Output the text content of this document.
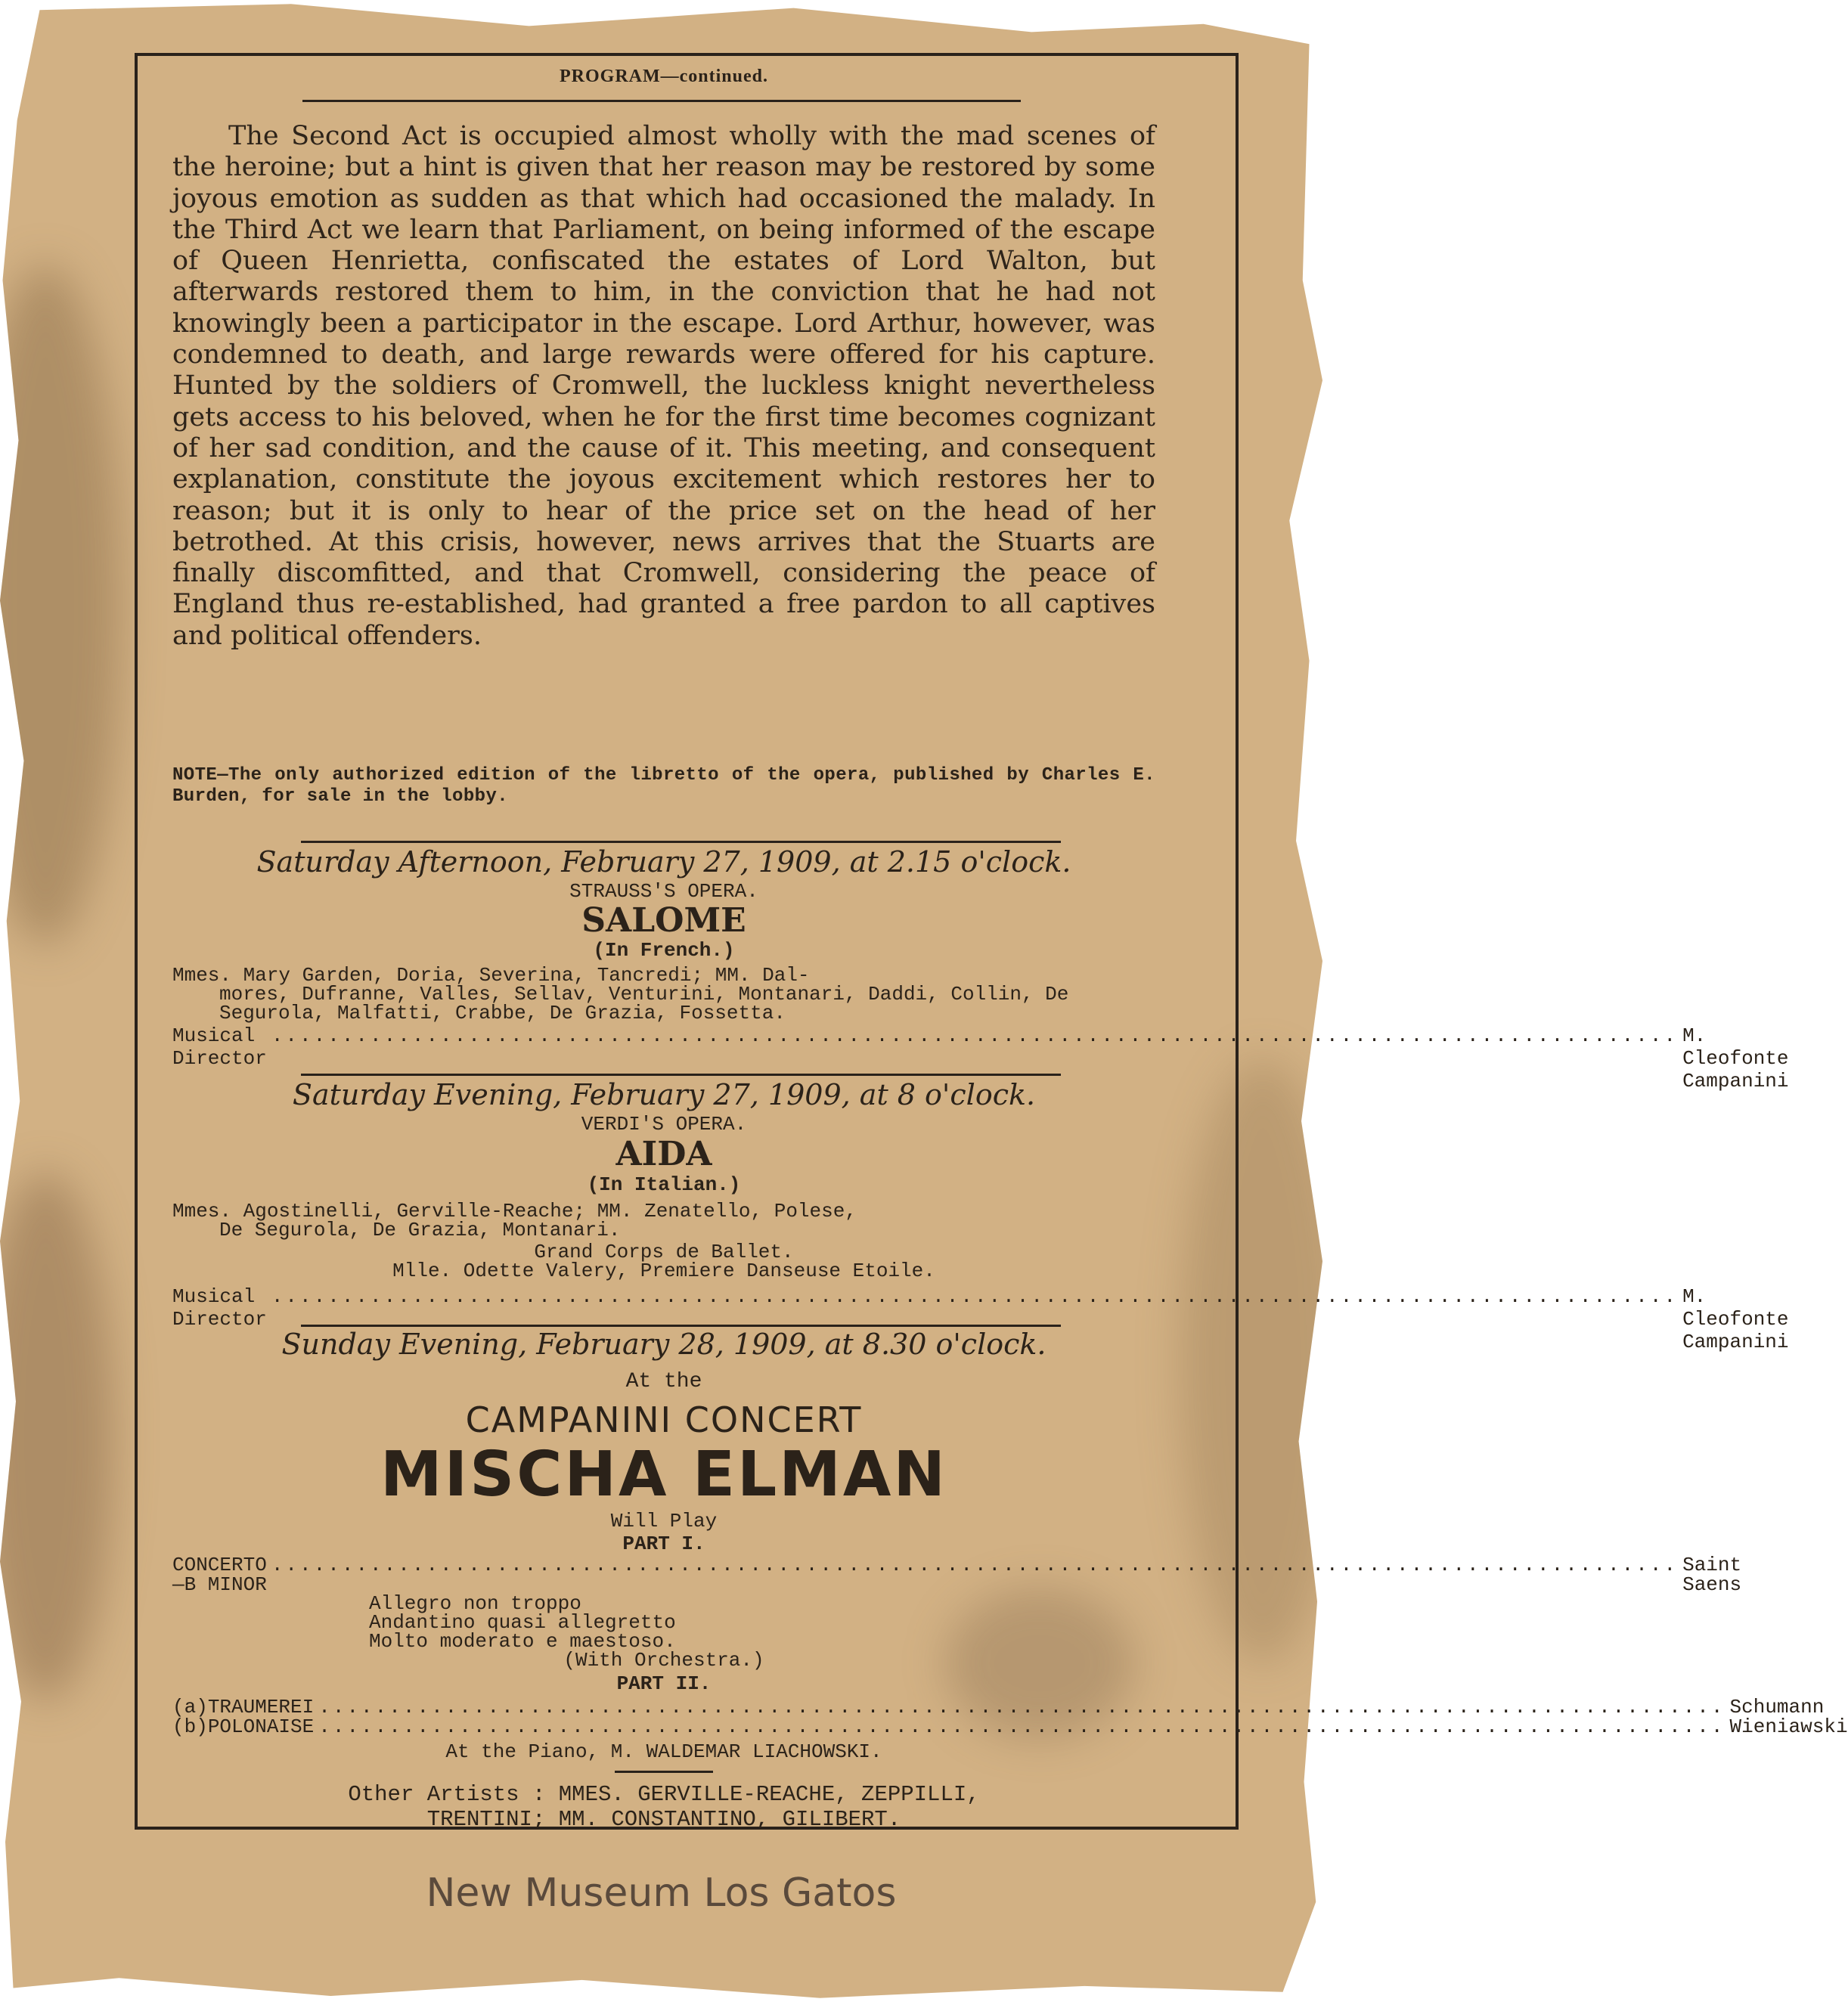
PROGRAM—continued.

The Second Act is occupied almost wholly with the mad scenes of the heroine; but a hint is given that her reason may be restored by some joyous emotion as sudden as that which had occasioned the malady. In the Third Act we learn that Parliament, on being informed of the escape of Queen Henrietta, confiscated the estates of Lord Walton, but afterwards restored them to him, in the conviction that he had not knowingly been a participator in the escape. Lord Arthur, however, was condemned to death, and large rewards were offered for his capture. Hunted by the soldiers of Cromwell, the luckless knight nevertheless gets access to his beloved, when he for the first time becomes cognizant of her sad condition, and the cause of it. This meeting, and consequent explanation, constitute the joyous excitement which restores her to reason; but it is only to hear of the price set on the head of her betrothed. At this crisis, however, news arrives that the Stuarts are finally discomfitted, and that Cromwell, considering the peace of England thus re-established, had granted a free pardon to all captives and political offenders.

NOTE—The only authorized edition of the libretto of the opera, published by Charles E. Burden, for sale in the lobby.
Saturday Afternoon, February 27, 1909, at 2.15 o'clock.
STRAUSS'S OPERA.
SALOME
(In French.)
Mmes. Mary Garden, Doria, Severina, Tancredi; MM. Dal-
mores, Dufranne, Valles, Sellav, Venturini, Montanari, Daddi, Collin, De Segurola, Malfatti, Crabbe, De Grazia, Fossetta.
Musical Director
.................................................................................................... M. Cleofonte Campanini
Saturday Evening, February 27, 1909, at 8 o'clock.
VERDI'S OPERA.
AIDA
(In Italian.)
Mmes. Agostinelli, Gerville-Reache; MM. Zenatello, Polese,
De Segurola, De Grazia, Montanari.
Grand Corps de Ballet.
Mlle. Odette Valery, Premiere Danseuse Etoile.
Musical Director
.................................................................................................... M. Cleofonte Campanini
Sunday Evening, February 28, 1909, at 8.30 o'clock.
At the
CAMPANINI CONCERT
MISCHA ELMAN
Will Play
PART I.
CONCERTO—B MINOR
.................................................................................................... Saint Saens
Allegro non troppo
Andantino quasi allegretto
Molto moderato e maestoso.
(With Orchestra.)
PART II.
(a) TRAUMEREI .................................................................................................... Schumann
(b) POLONAISE .................................................................................................... Wieniawski
At the Piano, M. WALDEMAR LIACHOWSKI.
Other Artists : MMES. GERVILLE-REACHE, ZEPPILLI,
TRENTINI; MM. CONSTANTINO, GILIBERT.
New Museum Los Gatos
